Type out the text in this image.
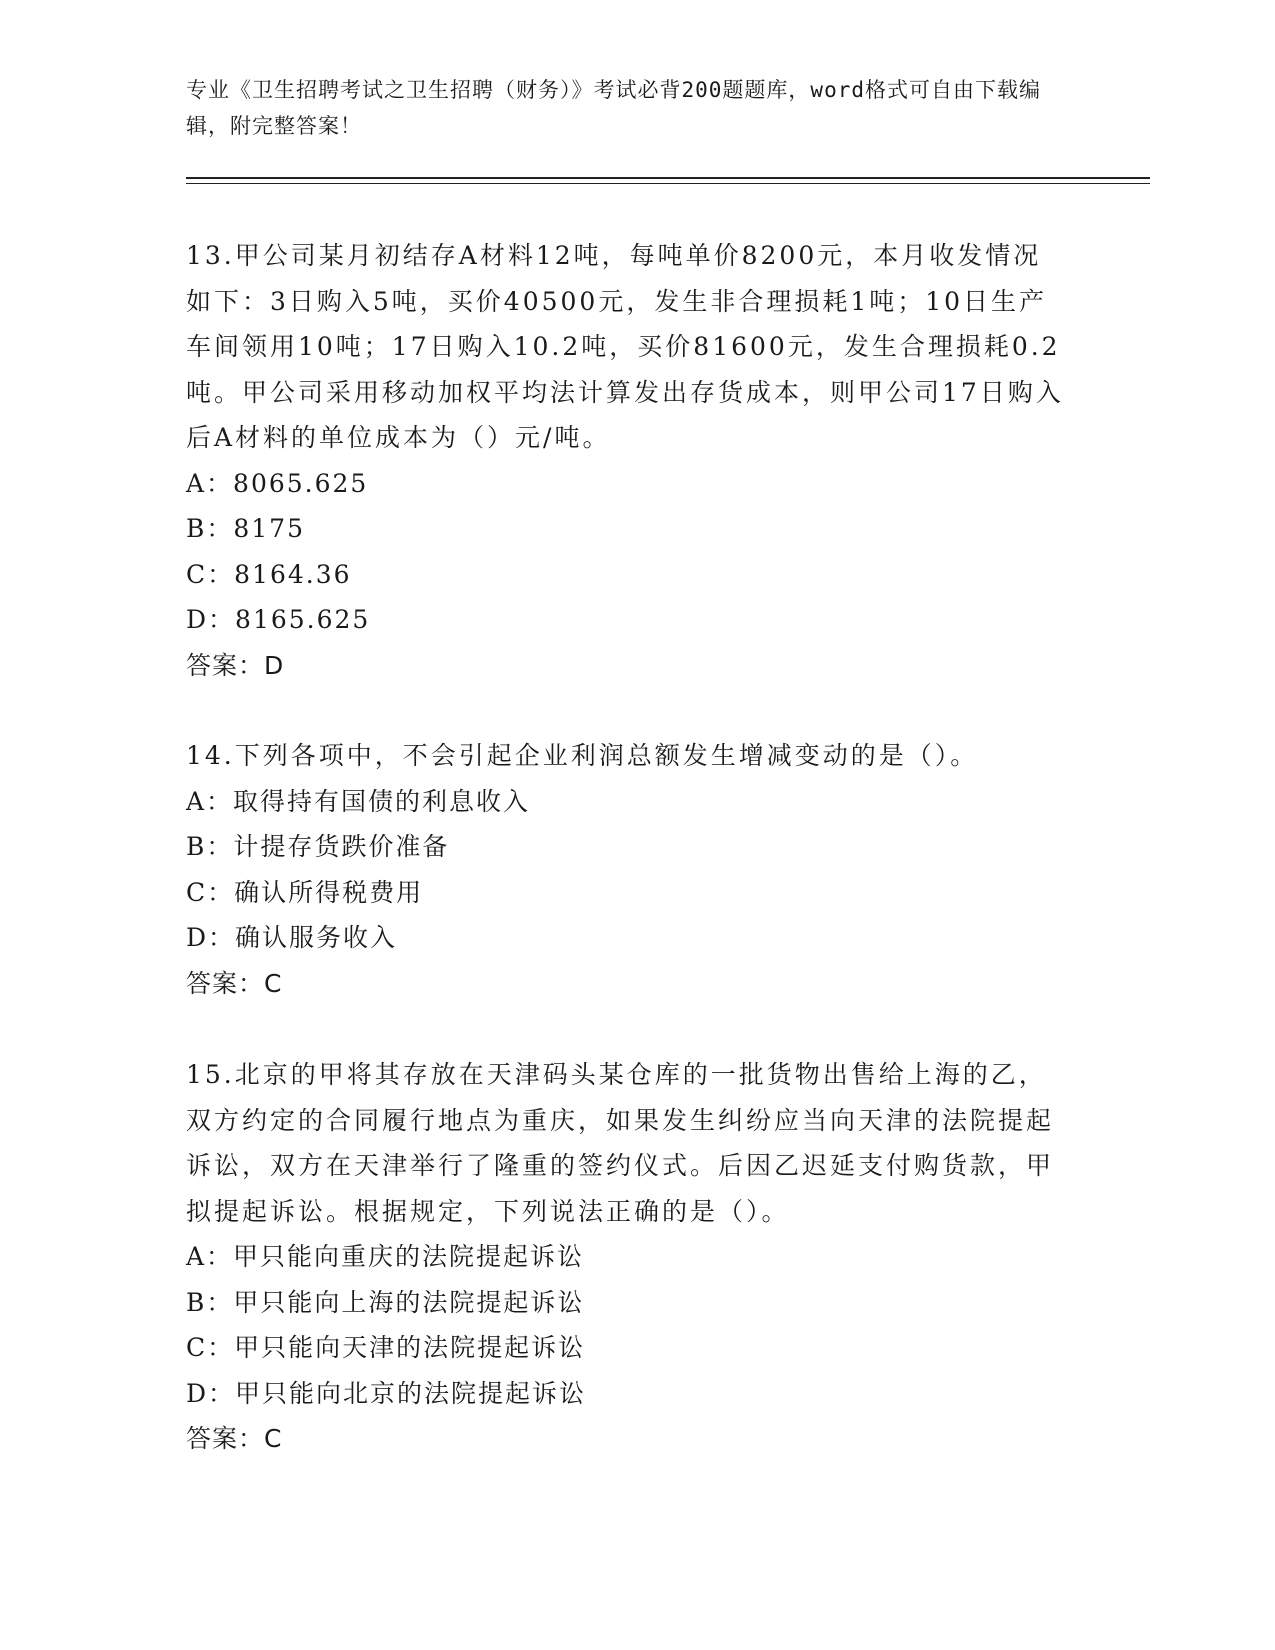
专业《卫生招聘考试之卫生招聘（财务）》考试必背200题题库，word格式可自由下载编辑，附完整答案！

13.甲公司某月初结存A材料12吨，每吨单价8200元，本月收发情况如下：3日购入5吨，买价40500元，发生非合理损耗1吨；10日生产车间领用10吨；17日购入10.2吨，买价81600元，发生合理损耗0.2吨。甲公司采用移动加权平均法计算发出存货成本，则甲公司17日购入后A材料的单位成本为（）元/吨。

A：8065.625

B：8175

C：8164.36

D：8165.625

答案：D

14.下列各项中，不会引起企业利润总额发生增减变动的是（）。

A：取得持有国债的利息收入

B：计提存货跌价准备

C：确认所得税费用

D：确认服务收入

答案：C

15.北京的甲将其存放在天津码头某仓库的一批货物出售给上海的乙，双方约定的合同履行地点为重庆，如果发生纠纷应当向天津的法院提起诉讼，双方在天津举行了隆重的签约仪式。后因乙迟延支付购货款，甲拟提起诉讼。根据规定，下列说法正确的是（）。

A：甲只能向重庆的法院提起诉讼

B：甲只能向上海的法院提起诉讼

C：甲只能向天津的法院提起诉讼

D：甲只能向北京的法院提起诉讼

答案：C
